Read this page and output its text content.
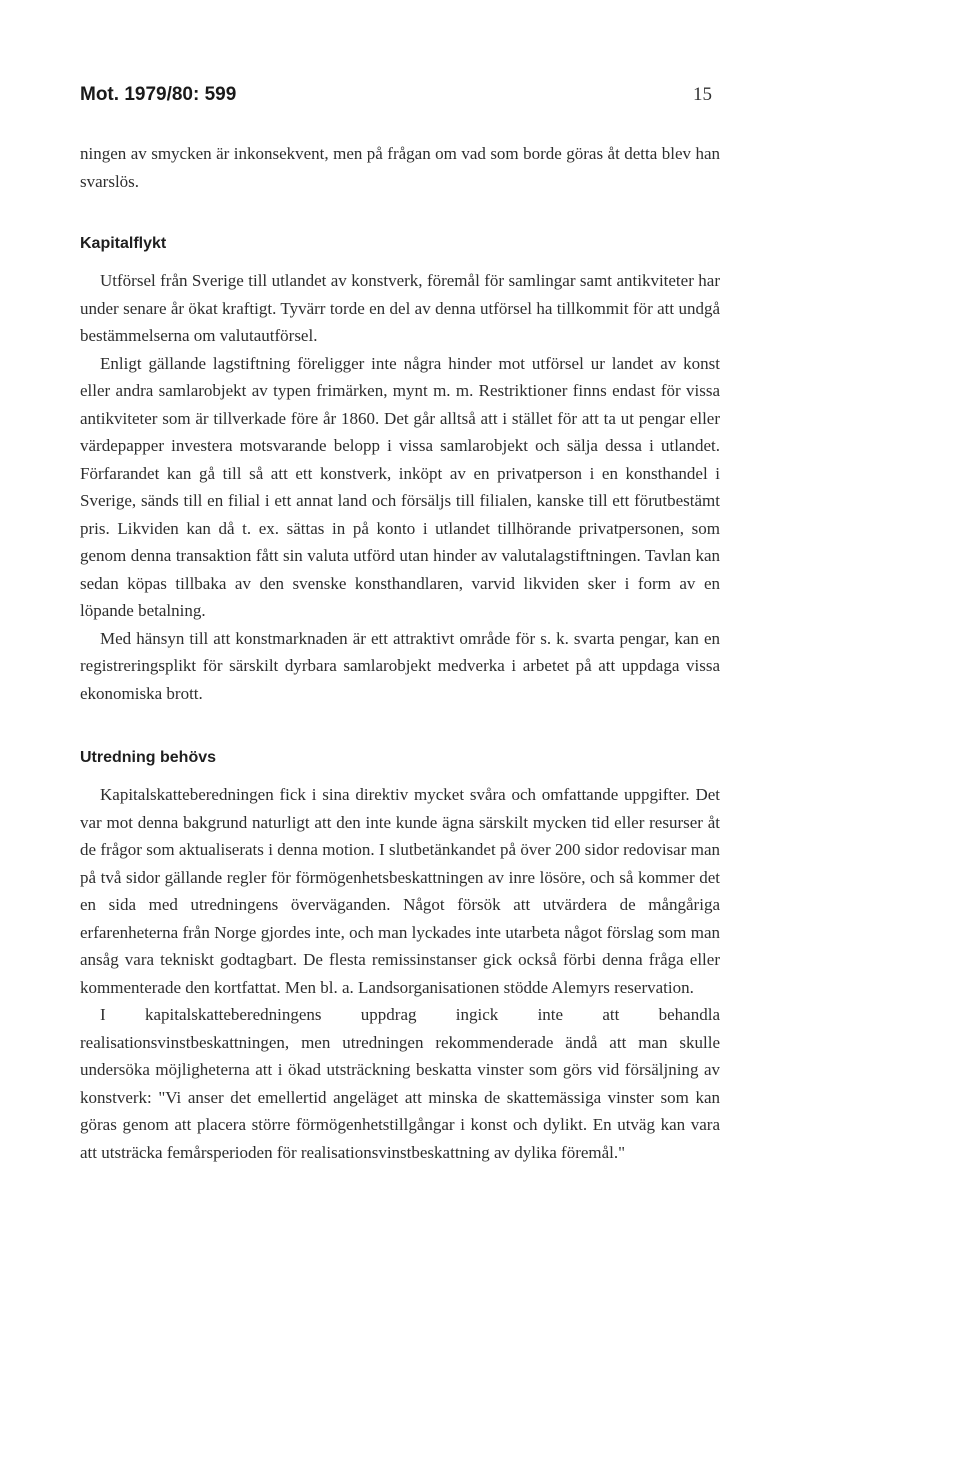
Mot. 1979/80: 599	15

ningen av smycken är inkonsekvent, men på frågan om vad som borde göras åt detta blev han svarslös.

Kapitalflykt

Utförsel från Sverige till utlandet av konstverk, föremål för samlingar samt antikviteter har under senare år ökat kraftigt. Tyvärr torde en del av denna utförsel ha tillkommit för att undgå bestämmelserna om valutautförsel.

Enligt gällande lagstiftning föreligger inte några hinder mot utförsel ur landet av konst eller andra samlarobjekt av typen frimärken, mynt m. m. Restriktioner finns endast för vissa antikviteter som är tillverkade före år 1860. Det går alltså att i stället för att ta ut pengar eller värdepapper investera motsvarande belopp i vissa samlarobjekt och sälja dessa i utlandet. Förfarandet kan gå till så att ett konstverk, inköpt av en privatperson i en konsthandel i Sverige, sänds till en filial i ett annat land och försäljs till filialen, kanske till ett förutbestämt pris. Likviden kan då t. ex. sättas in på konto i utlandet tillhörande privatpersonen, som genom denna transaktion fått sin valuta utförd utan hinder av valutalagstiftningen. Tavlan kan sedan köpas tillbaka av den svenske konsthandlaren, varvid likviden sker i form av en löpande betalning.

Med hänsyn till att konstmarknaden är ett attraktivt område för s. k. svarta pengar, kan en registreringsplikt för särskilt dyrbara samlarobjekt medverka i arbetet på att uppdaga vissa ekonomiska brott.

Utredning behövs

Kapitalskatteberedningen fick i sina direktiv mycket svåra och omfattande uppgifter. Det var mot denna bakgrund naturligt att den inte kunde ägna särskilt mycken tid eller resurser åt de frågor som aktualiserats i denna motion. I slutbetänkandet på över 200 sidor redovisar man på två sidor gällande regler för förmögenhetsbeskattningen av inre lösöre, och så kommer det en sida med utredningens överväganden. Något försök att utvärdera de mångåriga erfarenheterna från Norge gjordes inte, och man lyckades inte utarbeta något förslag som man ansåg vara tekniskt godtagbart. De flesta remissinstanser gick också förbi denna fråga eller kommenterade den kortfattat. Men bl. a. Landsorganisationen stödde Alemyrs reservation.

I kapitalskatteberedningens uppdrag ingick inte att behandla realisationsvinstbeskattningen, men utredningen rekommenderade ändå att man skulle undersöka möjligheterna att i ökad utsträckning beskatta vinster som görs vid försäljning av konstverk: "Vi anser det emellertid angeläget att minska de skattemässiga vinster som kan göras genom att placera större förmögenhetstillgångar i konst och dylikt. En utväg kan vara att utsträcka femårsperioden för realisationsvinstbeskattning av dylika föremål."
